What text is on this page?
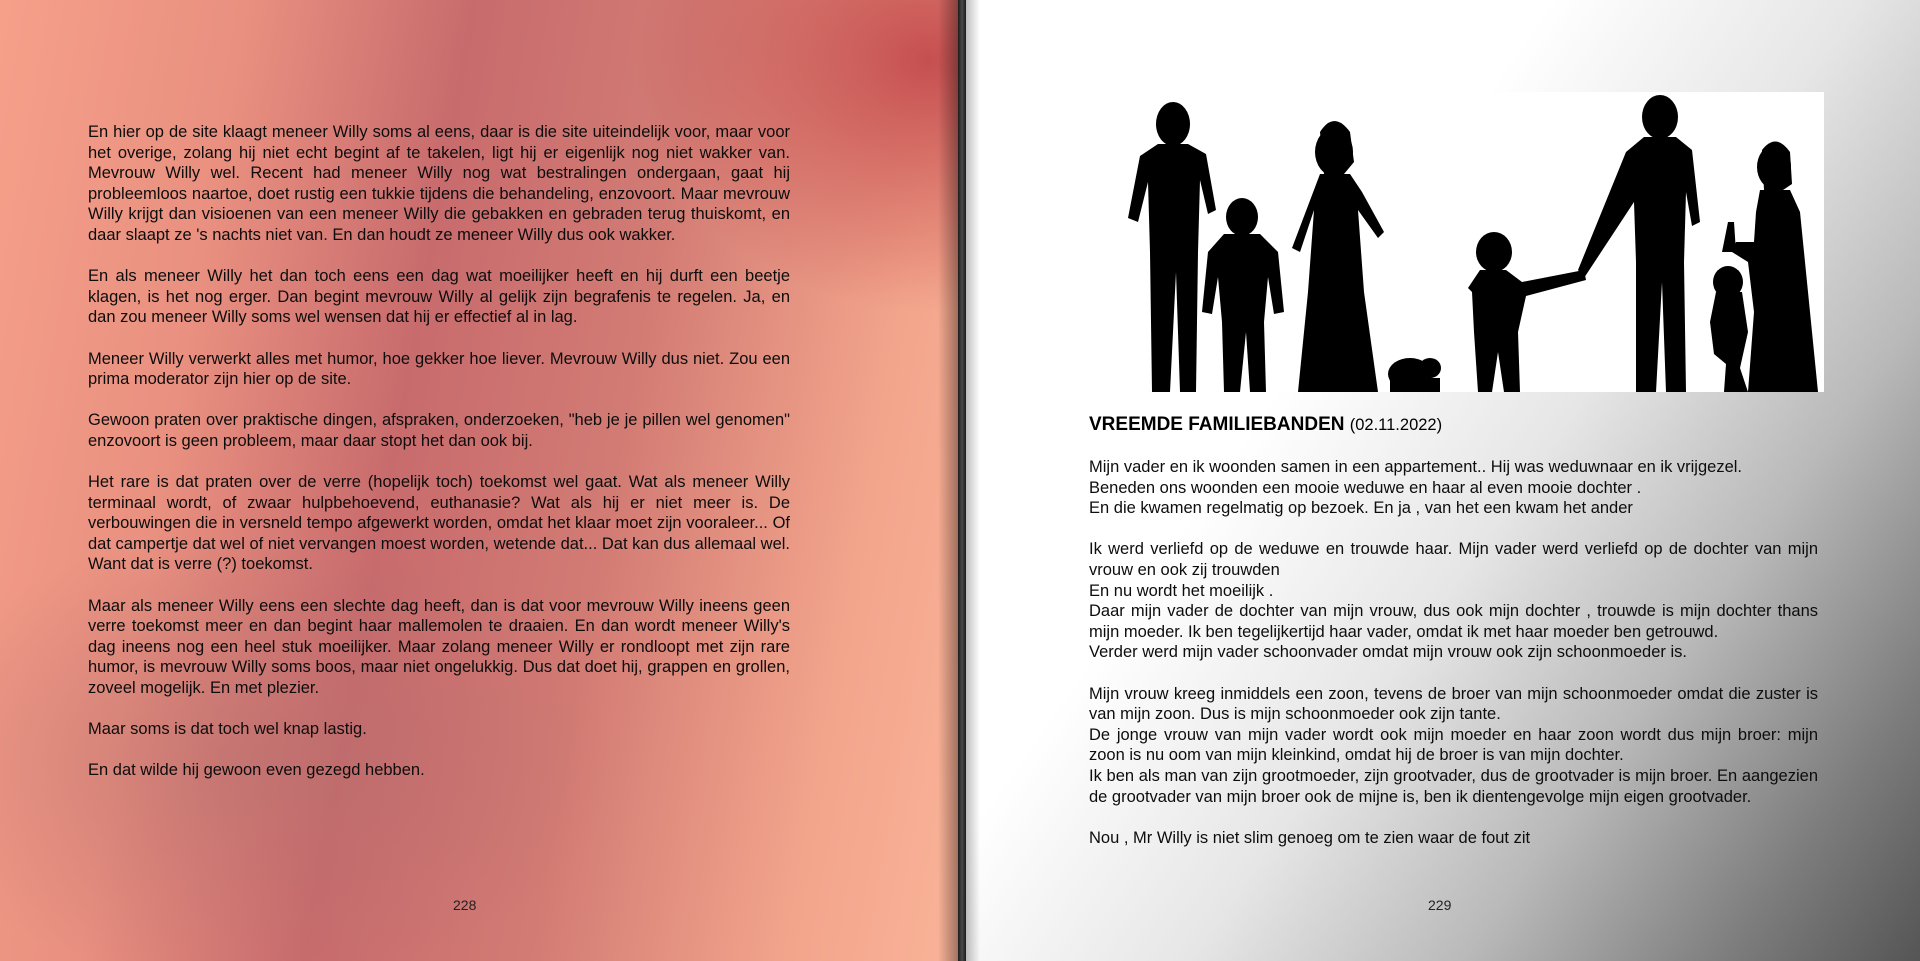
En hier op de site klaagt meneer Willy soms al eens, daar is die site uiteindelijk voor, maar voor het overige, zolang hij niet echt begint af te takelen, ligt hij er eigenlijk nog niet wakker van. Mevrouw Willy wel. Recent had meneer Willy nog wat bestralingen ondergaan, gaat hij probleemloos naartoe, doet rustig een tukkie tijdens die behandeling, enzovoort. Maar mevrouw Willy krijgt dan visioenen van een meneer Willy die gebakken en gebraden terug thuiskomt, en daar slaapt ze 's nachts niet van. En dan houdt ze meneer Willy dus ook wakker.

En als meneer Willy het dan toch eens een dag wat moeilijker heeft en hij durft een beetje klagen, is het nog erger. Dan begint mevrouw Willy al gelijk zijn begrafenis te regelen. Ja, en dan zou meneer Willy soms wel wensen dat hij er effectief al in lag.

Meneer Willy verwerkt alles met humor, hoe gekker hoe liever. Mevrouw Willy dus niet. Zou een prima moderator zijn hier op de site.

Gewoon praten over praktische dingen, afspraken, onderzoeken, "heb je je pillen wel genomen" enzovoort is geen probleem, maar daar stopt het dan ook bij.

Het rare is dat praten over de verre (hopelijk toch) toekomst wel gaat. Wat als meneer Willy terminaal wordt, of zwaar hulpbehoevend, euthanasie? Wat als hij er niet meer is. De verbouwingen die in versneld tempo afgewerkt worden, omdat het klaar moet zijn vooraleer... Of dat campertje dat wel of niet vervangen moest worden, wetende dat... Dat kan dus allemaal wel. Want dat is verre (?) toekomst.

Maar als meneer Willy eens een slechte dag heeft, dan is dat voor mevrouw Willy ineens geen verre toekomst meer en dan begint haar mallemolen te draaien. En dan wordt meneer Willy's dag ineens nog een heel stuk moeilijker. Maar zolang meneer Willy er rondloopt met zijn rare humor, is mevrouw Willy soms boos, maar niet ongelukkig. Dus dat doet hij, grappen en grollen, zoveel mogelijk. En met plezier.

Maar soms is dat toch wel knap lastig.

En dat wilde hij gewoon even gezegd hebben.

228
VREEMDE FAMILIEBANDEN (02.11.2022)

Mijn vader en ik woonden samen in een appartement.. Hij was weduwnaar en ik vrijgezel.
Beneden ons woonden een mooie weduwe en haar al even mooie dochter .
En die kwamen regelmatig op bezoek. En ja , van het een kwam het ander

Ik werd verliefd op de weduwe en trouwde haar. Mijn vader werd verliefd op de dochter van mijn vrouw en ook zij trouwden
En nu wordt het moeilijk .
Daar mijn vader de dochter van mijn vrouw, dus ook mijn dochter , trouwde is mijn dochter thans mijn moeder. Ik ben tegelijkertijd haar vader, omdat ik met haar moeder ben getrouwd.
Verder werd mijn vader schoonvader omdat mijn vrouw ook zijn schoonmoeder is.

Mijn vrouw kreeg inmiddels een zoon, tevens de broer van mijn schoonmoeder omdat die zuster is van mijn zoon. Dus is mijn schoonmoeder ook zijn tante.
De jonge vrouw van mijn vader wordt ook mijn moeder en haar zoon wordt dus mijn broer: mijn zoon is nu oom van mijn kleinkind, omdat hij de broer is van mijn dochter.
Ik ben als man van zijn grootmoeder, zijn grootvader, dus de grootvader is mijn broer. En aangezien de grootvader van mijn broer ook de mijne is, ben ik dientengevolge mijn eigen grootvader.

Nou , Mr Willy is niet slim genoeg om te zien waar de fout zit

229
